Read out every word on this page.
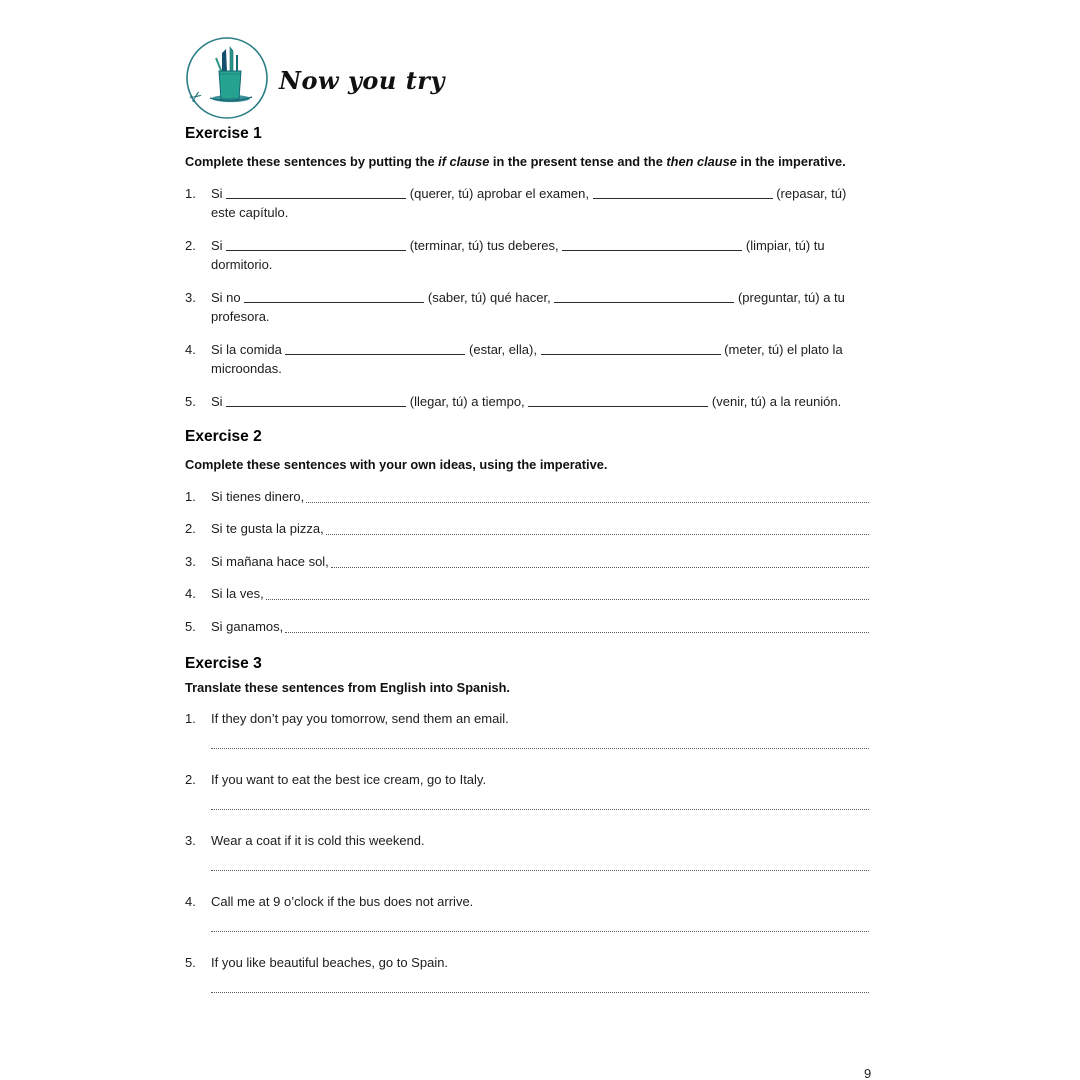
✂
Now you try
Exercise 1

Complete these sentences by putting the if clause in the present tense and the then clause in the imperative.

1.	Si	(querer, tú) aprobar el examen,	(repasar, tú)
este capítulo.
2.	Si	(terminar, tú) tus deberes,	(limpiar, tú) tu
dormitorio.
3.	Si no	(saber, tú) qué hacer,	(preguntar, tú) a tu
profesora.
4.	Si la comida	(estar, ella),	(meter, tú) el plato la
microondas.
5.	Si	(llegar, tú) a tiempo,	(venir, tú) a la reunión.
Exercise 2

Complete these sentences with your own ideas, using the imperative.

1.	Si tienes dinero,
2.	Si te gusta la pizza,
3.	Si mañana hace sol,
4.	Si la ves,
5.	Si ganamos,
Exercise 3

Translate these sentences from English into Spanish.

1.	If they don’t pay you tomorrow, send them an email.
2.	If you want to eat the best ice cream, go to Italy.
3.	Wear a coat if it is cold this weekend.
4.	Call me at 9 o’clock if the bus does not arrive.
5.	If you like beautiful beaches, go to Spain.
9
